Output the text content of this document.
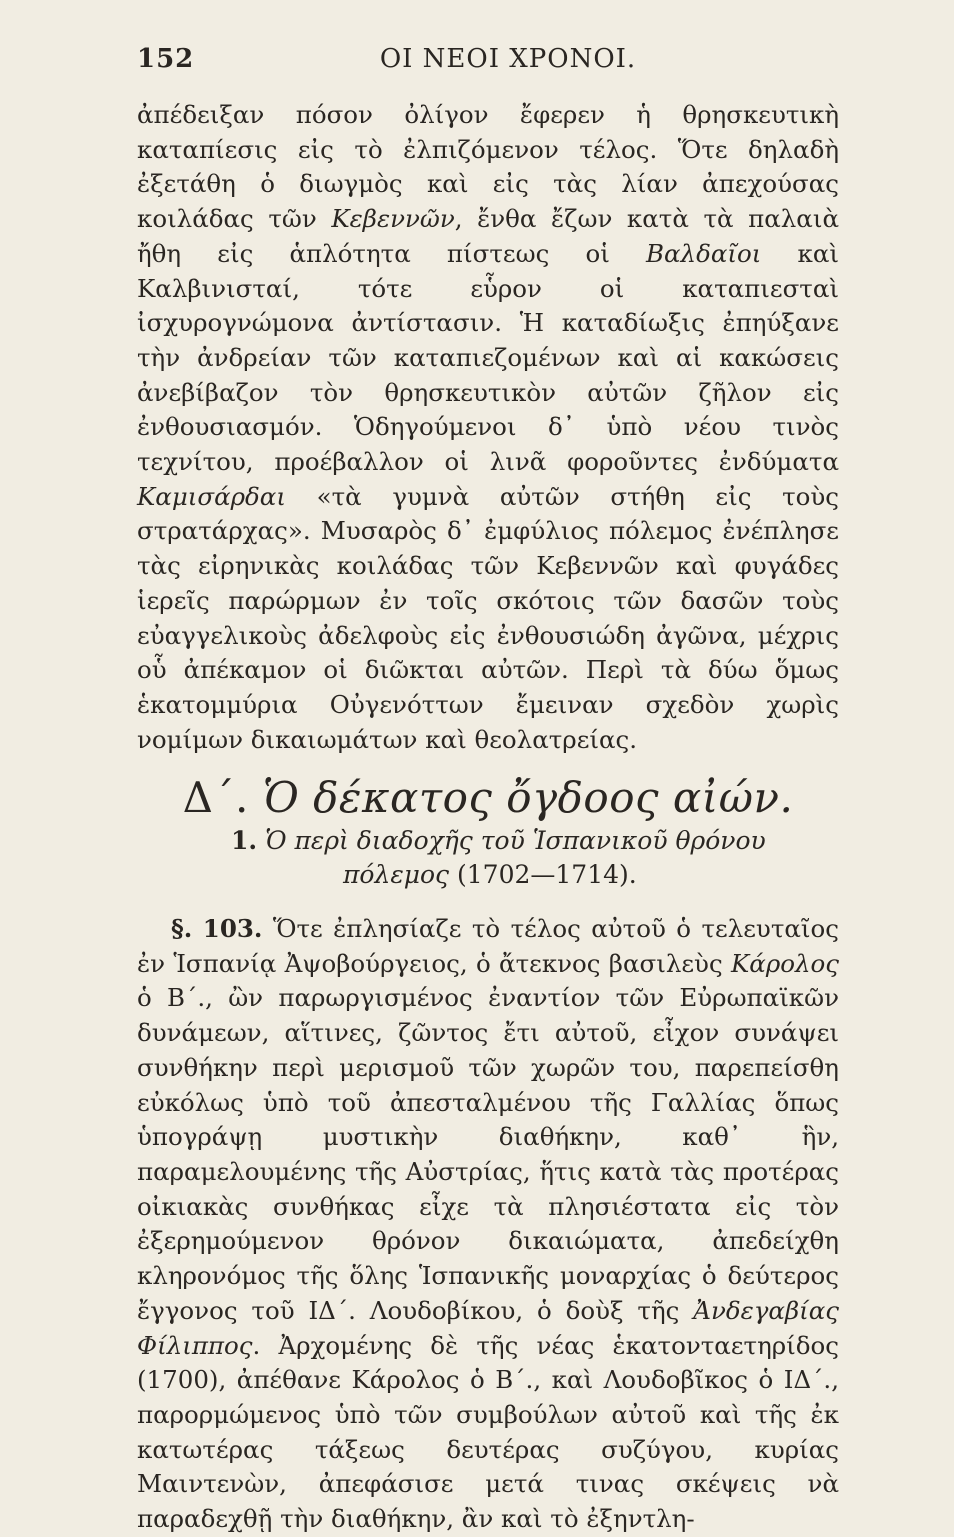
152	ΟΙ ΝΕΟΙ ΧΡΟΝΟΙ.

ἀπέδειξαν πόσον ὀλίγον ἔφερεν ἡ θρησκευτικὴ καταπίεσις εἰς τὸ ἐλπιζόμενον τέλος. Ὅτε δηλαδὴ ἐξετάθη ὁ διωγμὸς καὶ εἰς τὰς λίαν ἀπεχούσας κοιλάδας τῶν Κεβεννῶν, ἔνθα ἔζων κατὰ τὰ παλαιὰ ἤθη εἰς ἁπλότητα πίστεως οἱ Βαλδαῖοι καὶ Καλβινισταί, τότε εὗρον οἱ καταπιεσταὶ ἰσχυρογνώμονα ἀντίστασιν. Ἡ καταδίωξις ἐπηύξανε τὴν ἀνδρείαν τῶν καταπιεζομένων καὶ αἱ κακώσεις ἀνεβίβαζον τὸν θρησκευτικὸν αὐτῶν ζῆλον εἰς ἐνθουσιασμόν. Ὁδηγούμενοι δ᾽ ὑπὸ νέου τινὸς τεχνίτου, προέβαλλον οἱ λινᾶ φοροῦντες ἐνδύματα Καμισάρδαι «τὰ γυμνὰ αὐτῶν στήθη εἰς τοὺς στρατάρχας». Μυσαρὸς δ᾽ ἐμφύλιος πόλεμος ἐνέπλησε τὰς εἰρηνικὰς κοιλάδας τῶν Κεβεννῶν καὶ φυγάδες ἱερεῖς παρώρμων ἐν τοῖς σκότοις τῶν δασῶν τοὺς εὐαγγελικοὺς ἀδελφοὺς εἰς ἐνθουσιώδη ἀγῶνα, μέχρις οὗ ἀπέκαμον οἱ διῶκται αὐτῶν. Περὶ τὰ δύω ὅμως ἑκατομμύρια Οὐγενόττων ἔμειναν σχεδὸν χωρὶς νομίμων δικαιωμάτων καὶ θεολατρείας.

Δ΄. Ὁ δέκατος ὄγδοος αἰών.
1. Ὁ περὶ διαδοχῆς τοῦ Ἱσπανικοῦ θρόνου
πόλεμος (1702—1714).

§. 103. Ὅτε ἐπλησίαζε τὸ τέλος αὐτοῦ ὁ τελευταῖος ἐν Ἱσπανίᾳ Ἀψοβούργειος, ὁ ἄτεκνος βασιλεὺς Κάρολος ὁ Β΄., ὢν παρωργισμένος ἐναντίον τῶν Εὐρωπαϊκῶν δυνάμεων, αἵτινες, ζῶντος ἔτι αὐτοῦ, εἶχον συνάψει συνθήκην περὶ μερισμοῦ τῶν χωρῶν του, παρεπείσθη εὐκόλως ὑπὸ τοῦ ἀπεσταλμένου τῆς Γαλλίας ὅπως ὑπογράψῃ μυστικὴν διαθήκην, καθ᾽ ἣν, παραμελουμένης τῆς Αὐστρίας, ἥτις κατὰ τὰς προτέρας οἰκιακὰς συνθήκας εἶχε τὰ πλησιέστατα εἰς τὸν ἐξερημούμενον θρόνον δικαιώματα, ἀπεδείχθη κληρονόμος τῆς ὅλης Ἱσπανικῆς μοναρχίας ὁ δεύτερος ἔγγονος τοῦ ΙΔ΄. Λουδοβίκου, ὁ δοὺξ τῆς Ἀνδεγαβίας Φίλιππος. Ἀρχομένης δὲ τῆς νέας ἑκατονταετηρίδος (1700), ἀπέθανε Κάρολος ὁ Β΄., καὶ Λουδοβῖκος ὁ ΙΔ΄., παρορμώμενος ὑπὸ τῶν συμβούλων αὐτοῦ καὶ τῆς ἐκ κατωτέρας τάξεως δευτέρας συζύγου, κυρίας Μαιντενὼν, ἀπεφάσισε μετά τινας σκέψεις νὰ παραδεχθῇ τὴν διαθήκην, ἂν καὶ τὸ ἐξηντλη-
